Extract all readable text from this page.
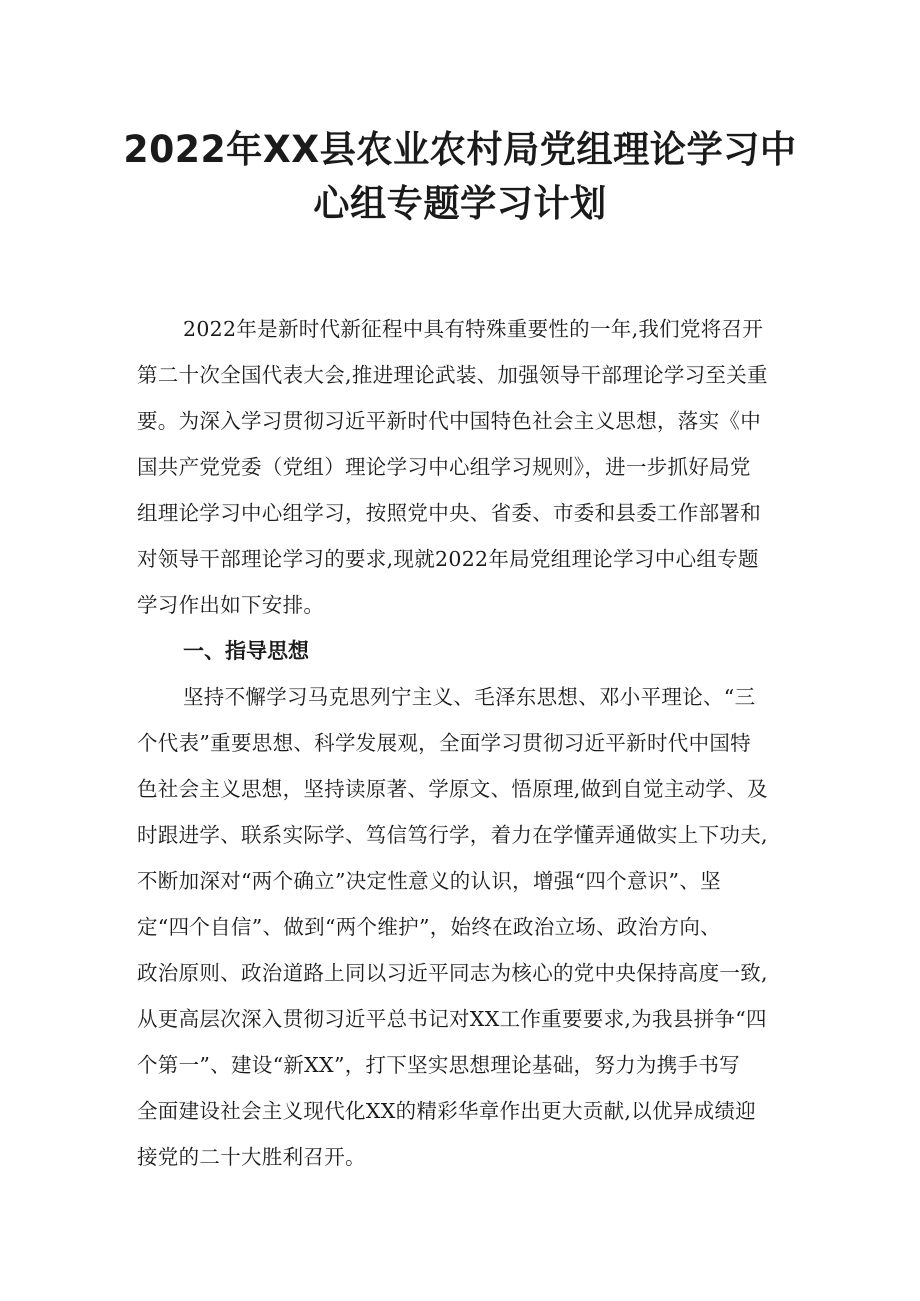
2022年XX县农业农村局党组理论学习中
心组专题学习计划
2022年是新时代新征程中具有特殊重要性的一年,我们党将召开
第二十次全国代表大会,推进理论武装、加强领导干部理论学习至关重
要。为深入学习贯彻习近平新时代中国特色社会主义思想，落实《中
国共产党党委（党组）理论学习中心组学习规则》，进一步抓好局党
组理论学习中心组学习，按照党中央、省委、市委和县委工作部署和
对领导干部理论学习的要求,现就2022年局党组理论学习中心组专题
学习作出如下安排。
一、指导思想
坚持不懈学习马克思列宁主义、毛泽东思想、邓小平理论、“三
个代表”重要思想、科学发展观，全面学习贯彻习近平新时代中国特
色社会主义思想，坚持读原著、学原文、悟原理,做到自觉主动学、及
时跟进学、联系实际学、笃信笃行学，着力在学懂弄通做实上下功夫,
不断加深对“两个确立”决定性意义的认识，增强“四个意识”、坚
定“四个自信”、做到“两个维护”，始终在政治立场、政治方向、
政治原则、政治道路上同以习近平同志为核心的党中央保持高度一致,
从更高层次深入贯彻习近平总书记对XX工作重要要求,为我县拼争“四
个第一”、建设“新XX”，打下坚实思想理论基础，努力为携手书写
全面建设社会主义现代化XX的精彩华章作出更大贡献,以优异成绩迎
接党的二十大胜利召开。
